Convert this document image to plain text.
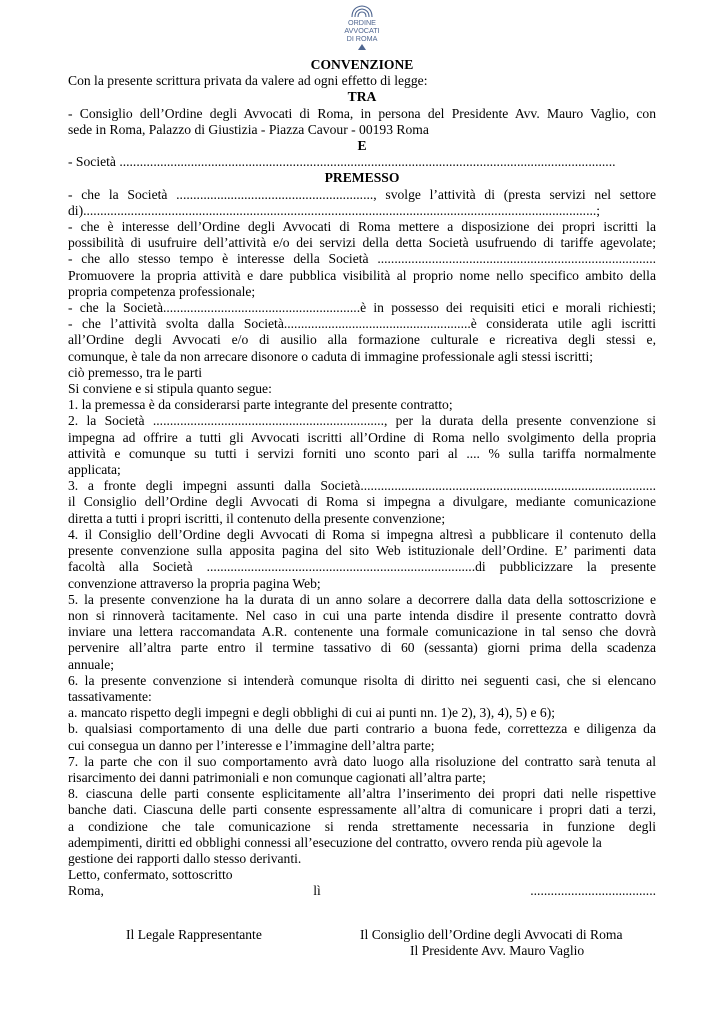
ORDINE
AVVOCATI
DI ROMA
CONVENZIONE
Con la presente scrittura privata da valere ad ogni effetto di legge:
TRA
- Consiglio dell’Ordine degli Avvocati di Roma, in persona del Presidente Avv. Mauro Vaglio, con
sede in Roma, Palazzo di Giustizia - Piazza Cavour - 00193 Roma
E
- Società ..................................................................................................................................................
PREMESSO
- che la Società .........................................................., svolge l’attività di (presta servizi nel settore
di).......................................................................................................................................................;
- che è interesse dell’Ordine degli Avvocati di Roma mettere a disposizione dei propri iscritti la
possibilità di usufruire dell’attività e/o dei servizi della detta Società usufruendo di tariffe agevolate;
- che allo stesso tempo è interesse della Società ..................................................................................
Promuovere la propria attività e dare pubblica visibilità al proprio nome nello specifico ambito della
propria competenza professionale;
- che la Società..........................................................è in possesso dei requisiti etici e morali richiesti;
- che l’attività svolta dalla Società.......................................................è considerata utile agli iscritti
all’Ordine degli Avvocati e/o di ausilio alla formazione culturale e ricreativa degli stessi e,
comunque, è tale da non arrecare disonore o caduta di immagine professionale agli stessi iscritti;
ciò premesso, tra le parti
Si conviene e si stipula quanto segue:
1. la premessa è da considerarsi parte integrante del presente contratto;
2. la Società ...................................................................., per la durata della presente convenzione si
impegna ad offrire a tutti gli Avvocati iscritti all’Ordine di Roma nello svolgimento della propria
attività e comunque su tutti i servizi forniti uno sconto pari al .... % sulla tariffa normalmente
applicata;
3. a fronte degli impegni assunti dalla Società.......................................................................................
il Consiglio dell’Ordine degli Avvocati di Roma si impegna a divulgare, mediante comunicazione
diretta a tutti i propri iscritti, il contenuto della presente convenzione;
4. il Consiglio dell’Ordine degli Avvocati di Roma si impegna altresì a pubblicare il contenuto della
presente convenzione sulla apposita pagina del sito Web istituzionale dell’Ordine. E’ parimenti data
facoltà alla Società ...............................................................................di pubblicizzare la presente
convenzione attraverso la propria pagina Web;
5. la presente convenzione ha la durata di un anno solare a decorrere dalla data della sottoscrizione e
non si rinnoverà tacitamente. Nel caso in cui una parte intenda disdire il presente contratto dovrà
inviare una lettera raccomandata A.R. contenente una formale comunicazione in tal senso che dovrà
pervenire all’altra parte entro il termine tassativo di 60 (sessanta) giorni prima della scadenza
annuale;
6. la presente convenzione si intenderà comunque risolta di diritto nei seguenti casi, che si elencano
tassativamente:
a. mancato rispetto degli impegni e degli obblighi di cui ai punti nn. 1)e 2), 3), 4), 5) e 6);
b. qualsiasi comportamento di una delle due parti contrario a buona fede, correttezza e diligenza da
cui consegua un danno per l’interesse e l’immagine dell’altra parte;
7. la parte che con il suo comportamento avrà dato luogo alla risoluzione del contratto sarà tenuta al
risarcimento dei danni patrimoniali e non comunque cagionati all’altra parte;
8. ciascuna delle parti consente esplicitamente all’altra l’inserimento dei propri dati nelle rispettive
banche dati. Ciascuna delle parti consente espressamente all’altra di comunicare i propri dati a terzi,
a condizione che tale comunicazione si renda strettamente necessaria in funzione degli
adempimenti, diritti ed obblighi connessi all’esecuzione del contratto, ovvero renda più agevole la
gestione dei rapporti dallo stesso derivanti.
Letto, confermato, sottoscritto
Roma, lì .....................................
Il Legale Rappresentante	Il Consiglio dell’Ordine degli Avvocati di Roma
Il Presidente Avv. Mauro Vaglio
